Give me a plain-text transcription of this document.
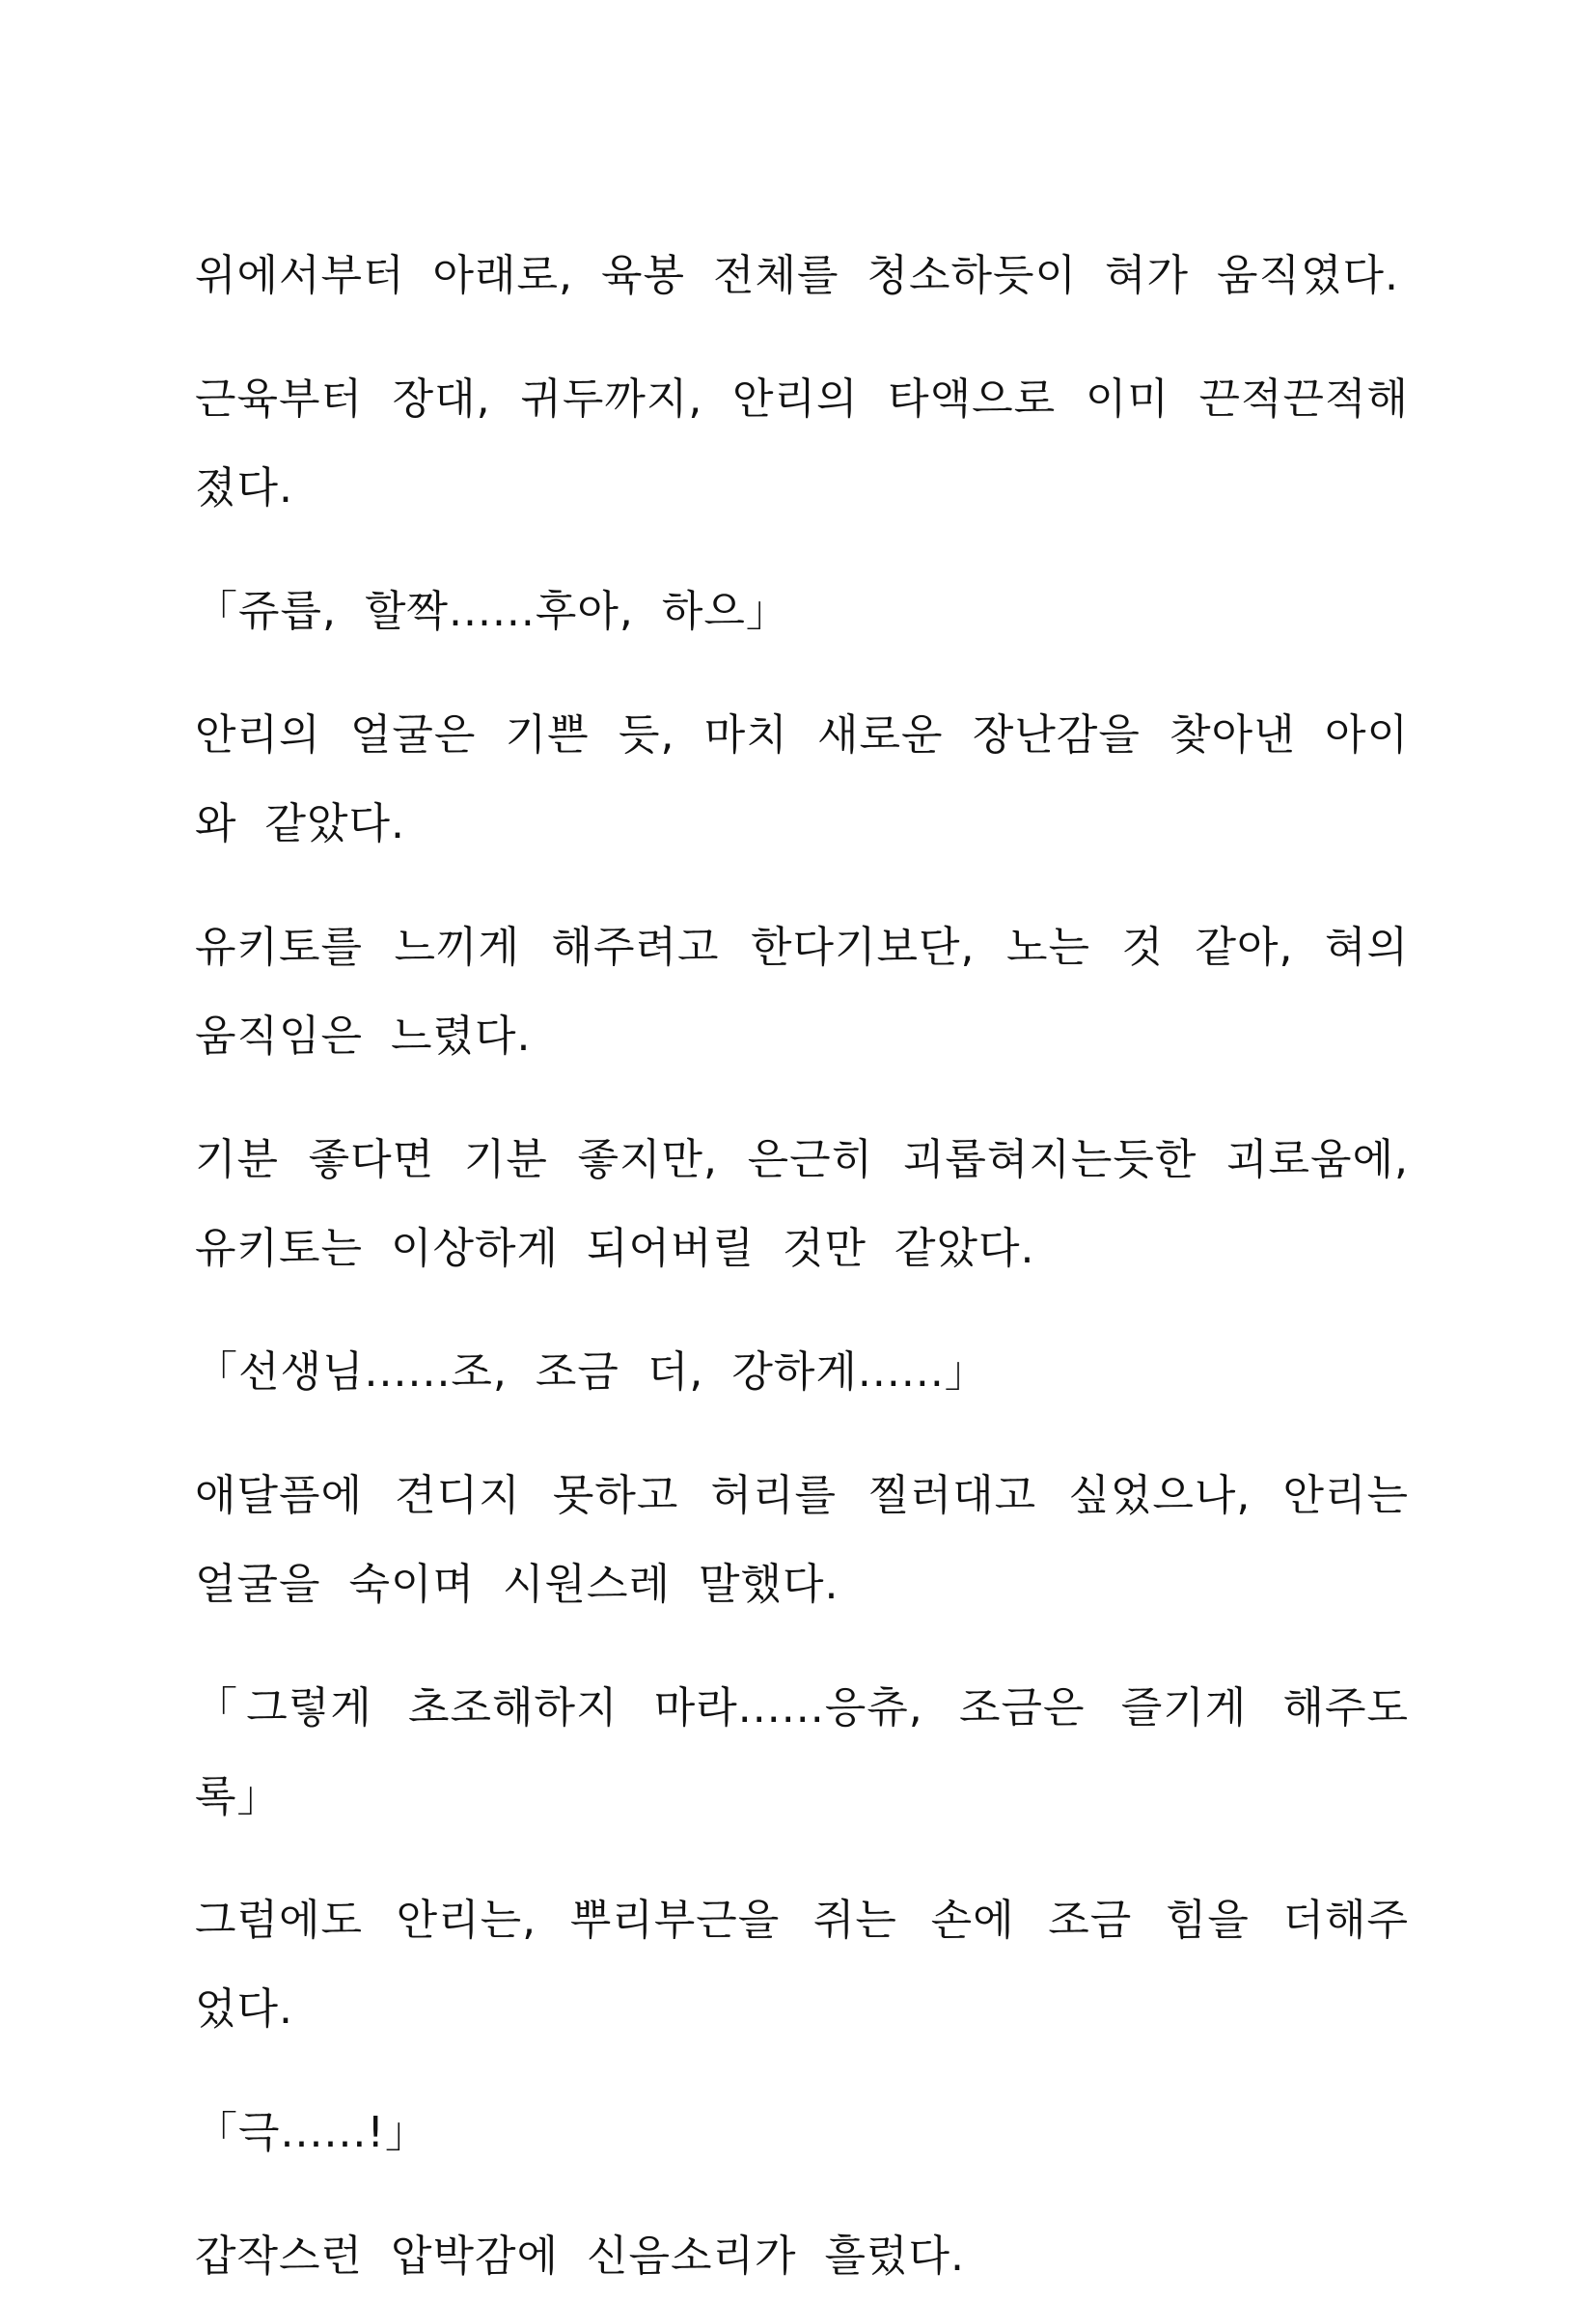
위에서부터 아래로, 육봉 전체를 청소하듯이 혀가 움직였다.

근육부터 장대, 귀두까지, 안리의 타액으로 이미 끈적끈적해졌다.

「쥬릅, 할짝......후아, 하으」

안리의 얼굴은 기쁜 듯, 마치 새로운 장난감을 찾아낸 아이와 같았다.

유키토를 느끼게 해주려고 한다기보단, 노는 것 같아, 혀의 움직임은 느렸다.

기분 좋다면 기분 좋지만, 은근히 괴롭혀지는듯한 괴로움에, 유키토는 이상하게 되어버릴 것만 같았다.

「선생님......조, 조금 더, 강하게......」

애달픔에 견디지 못하고 허리를 찔러대고 싶었으나, 안리는 얼굴을 숙이며 시원스레 말했다.

「그렇게 초조해하지 마라......응츄, 조금은 즐기게 해주도록」

그럼에도 안리는, 뿌리부근을 쥐는 손에 조금 힘을 더해주었다.

「극......!」

갑작스런 압박감에 신음소리가 흘렀다.
